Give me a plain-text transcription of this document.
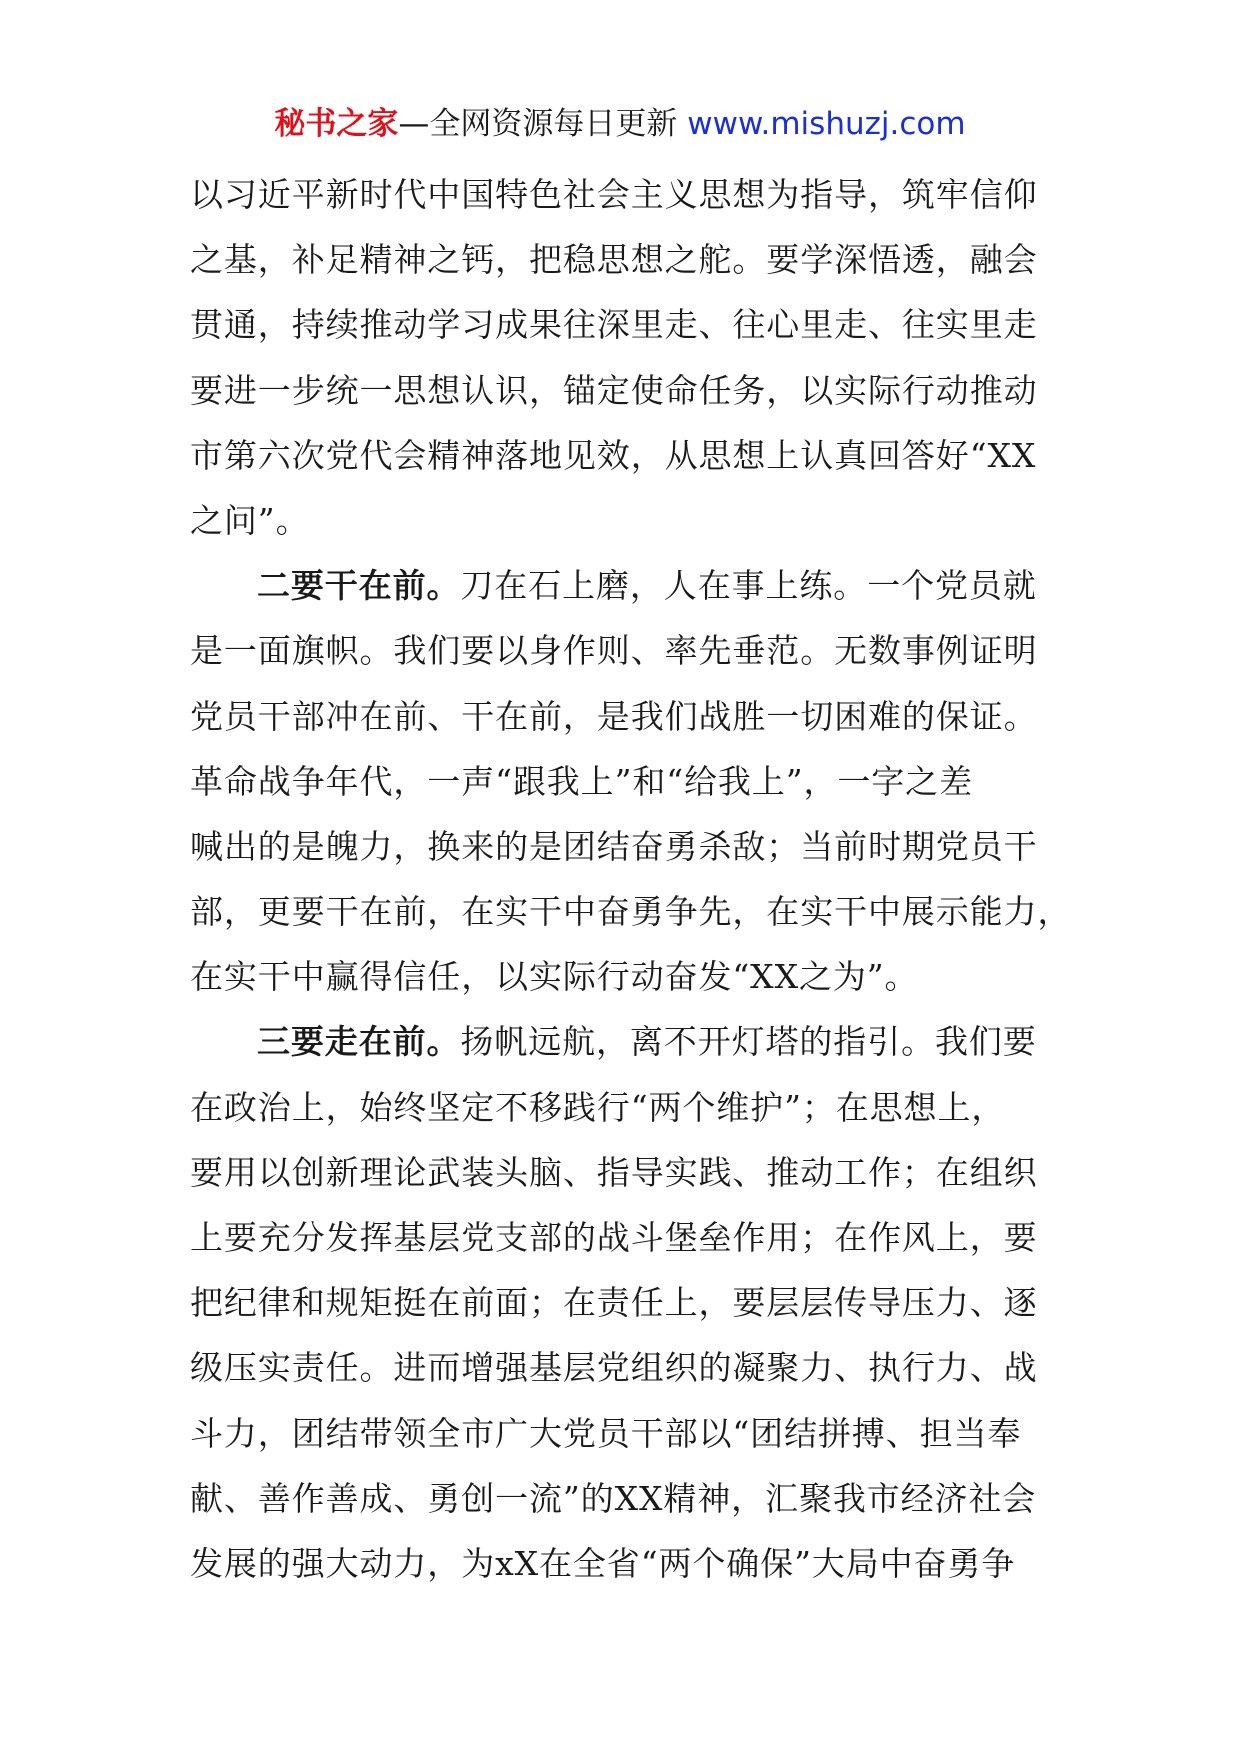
秘书之家—全网资源每日更新 www.mishuzj.com
以习近平新时代中国特色社会主义思想为指导，筑牢信仰
之基，补足精神之钙，把稳思想之舵。要学深悟透，融会
贯通，持续推动学习成果往深里走、往心里走、往实里走
要进一步统一思想认识，锚定使命任务，以实际行动推动
市第六次党代会精神落地见效，从思想上认真回答好“XX
之问”。
二要干在前。刀在石上磨，人在事上练。一个党员就
是一面旗帜。我们要以身作则、率先垂范。无数事例证明
党员干部冲在前、干在前，是我们战胜一切困难的保证。
革命战争年代，一声“跟我上”和“给我上”，一字之差
喊出的是魄力，换来的是团结奋勇杀敌；当前时期党员干
部，更要干在前，在实干中奋勇争先，在实干中展示能力，
在实干中赢得信任，以实际行动奋发“XX之为”。
三要走在前。扬帆远航，离不开灯塔的指引。我们要
在政治上，始终坚定不移践行“两个维护”；在思想上，
要用以创新理论武装头脑、指导实践、推动工作；在组织
上要充分发挥基层党支部的战斗堡垒作用；在作风上，要
把纪律和规矩挺在前面；在责任上，要层层传导压力、逐
级压实责任。进而增强基层党组织的凝聚力、执行力、战
斗力，团结带领全市广大党员干部以“团结拼搏、担当奉
献、善作善成、勇创一流”的XX精神，汇聚我市经济社会
发展的强大动力，为xX在全省“两个确保”大局中奋勇争
